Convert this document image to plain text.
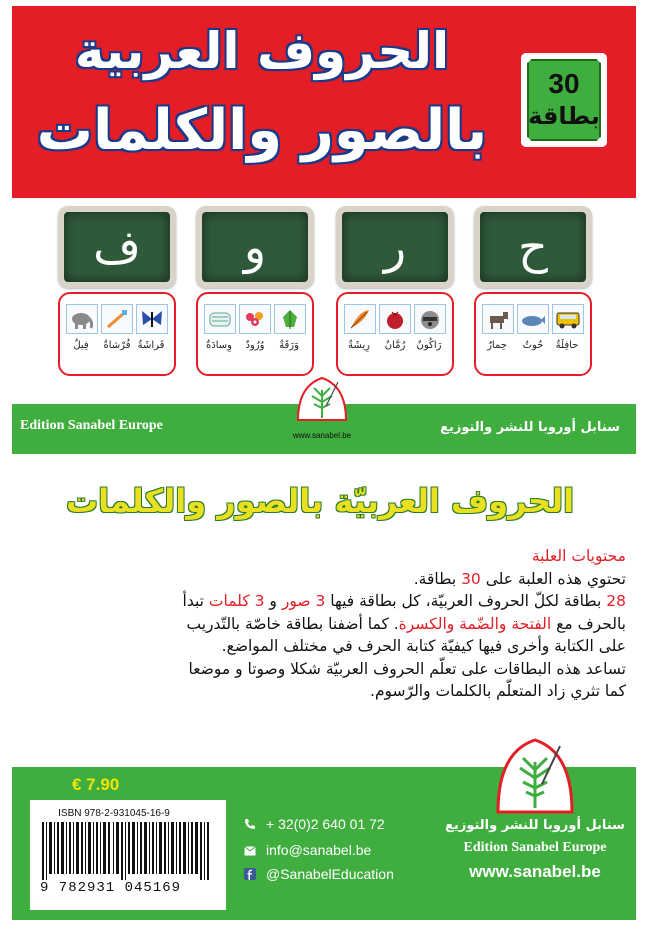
الحروف العربية
بالصور والكلمات
30
بطاقة
ح
ر
و
ف
حافِلَةٌ
حُوتٌ
حِمارٌ
رَاكُونٌ
رُمَّانٌ
رِيشَةٌ
وَرَقَةٌ
وُرُودٌ
وِسادَةٌ
فَراشَةٌ
فُرْشاةٌ
فِيلٌ
Edition Sanabel Europe	سنابل أوروبا للنشر والتوزيع
www.sanabel.be
الحروف العربيّة بالصور والكلمات
محتويات العلبة
تحتوي هذه العلبة على 30 بطاقة.
28 بطاقة لكلّ الحروف العربيّة، كل بطاقة فيها 3 صور و 3 كلمات تبدأ
بالحرف مع الفتحة والضّمة والكسرة. كما أضفنا بطاقة خاصّة بالتّدريب
على الكتابة وأخرى فيها كيفيّة كتابة الحرف في مختلف المواضع.
تساعد هذه البطاقات على تعلّم الحروف العربيّة شكلا وصوتا و موضعا
كما تثري زاد المتعلّم بالكلمات والرّسوم.
€ 7.90
ISBN 978-2-931045-16-9
9 782931 045169
+ 32(0)2 640 01 72
info@sanabel.be
@SanabelEducation
سنابل أوروبا للنشر والتوزيع
Edition Sanabel Europe
www.sanabel.be
